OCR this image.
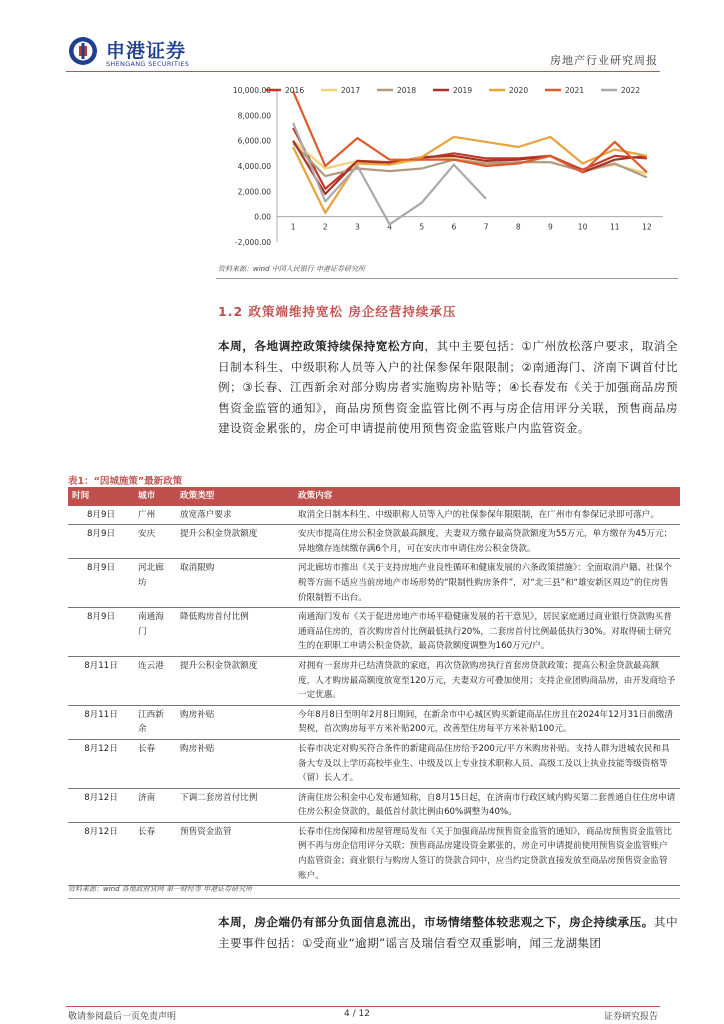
申港证券
SHENGANG SECURITIES	房地产行业研究周报
10,000.00
8,000.00
6,000.00
4,000.00
2,000.00
0.00
-2,000.00
1	2	3	4	5	6	7	8	9	10	11	12
2016	2017	2018	2019	2020	2021	2022
资料来源：wind 中国人民银行 申港证券研究所
1.2 政策端维持宽松 房企经营持续承压
本周，各地调控政策持续保持宽松方向，其中主要包括：①广州放松落户要求，取消全日制本科生、中级职称人员等入户的社保参保年限限制；②南通海门、济南下调首付比例；③长春、江西新余对部分购房者实施购房补贴等；④长春发布《关于加强商品房预售资金监管的通知》，商品房预售资金监管比例不再与房企信用评分关联，预售商品房建设资金累张的，房企可申请提前使用预售资金监管账户内监管资金。
表1：“因城施策”最新政策
时间	城市	政策类型	政策内容
8月9日	广州	放宽落户要求	取消全日制本科生、中级职称人员等入户的社保参保年限限制，在广州市有参保记录即可落户。
8月9日	安庆	提升公积金贷款额度	安庆市提高住房公积金贷款最高额度，夫妻双方缴存最高贷款额度为55万元，单方缴存为45万元；异地缴存连续缴存满6个月，可在安庆市申请住房公积金贷款。
8月9日	河北廊坊	取消限购	河北廊坊市推出《关于支持房地产业良性循环和健康发展的六条政策措施》：全面取消户籍、社保个税等方面不适应当前房地产市场形势的“限制性购房条件”，对“北三县”和“雄安新区周边”的住房售价限制暂不出台。
8月9日	南通海门	降低购房首付比例	南通海门发布《关于促进房地产市场平稳健康发展的若干意见》，居民家庭通过商业银行贷款购买普通商品住房的，首次购房首付比例最低执行20%，二套房首付比例最低执行30%。对取得硕士研究生的在职职工申请公积金贷款，最高贷款额度调整为160万元/户。
8月11日	连云港	提升公积金贷款额度	对拥有一套房并已结清贷款的家庭，再次贷款购房执行首套房贷款政策；提高公积金贷款最高额度，人才购房最高额度放宽至120万元，夫妻双方可叠加使用；支持企业团购商品房，由开发商给予一定优惠。
8月11日	江西新余	购房补贴	今年8月8日至明年2月8日期间，在新余市中心城区购买新建商品住房且在2024年12月31日前缴清契税，首次购房每平方米补贴200元，改善型住房每平方米补贴100元。
8月12日	长春	购房补贴	长春市决定对购买符合条件的新建商品住房给予200元/平方米购房补贴。支持人群为进城农民和具备大专及以上学历高校毕业生、中级及以上专业技术职称人员、高级工及以上执业技能等级资格等（留）长人才。
8月12日	济南	下调二套房首付比例	济南住房公积金中心发布通知称，自8月15日起，在济南市行政区域内购买第二套普通自住住房申请住房公积金贷款的，最低首付款比例由60%调整为40%。
8月12日	长春	预售资金监管	长春市住房保障和房屋管理局发布《关于加强商品房预售资金监管的通知》，商品房预售资金监管比例不再与房企信用评分关联；预售商品房建设资金累张的，房企可申请提前使用预售资金监管账户内监管资金；商业银行与购房人签订的贷款合同中，应当约定贷款直接发放至商品房预售资金监管账户。
资料来源：wind 各地政府官网 第一财经等 申港证券研究所
本周，房企端仍有部分负面信息流出，市场情绪整体较悲观之下，房企持续承压。其中主要事件包括：①受商业“逾期”谣言及瑞信看空双重影响，闻三龙湖集团
敬请参阅最后一页免责声明	4 / 12	证券研究报告
